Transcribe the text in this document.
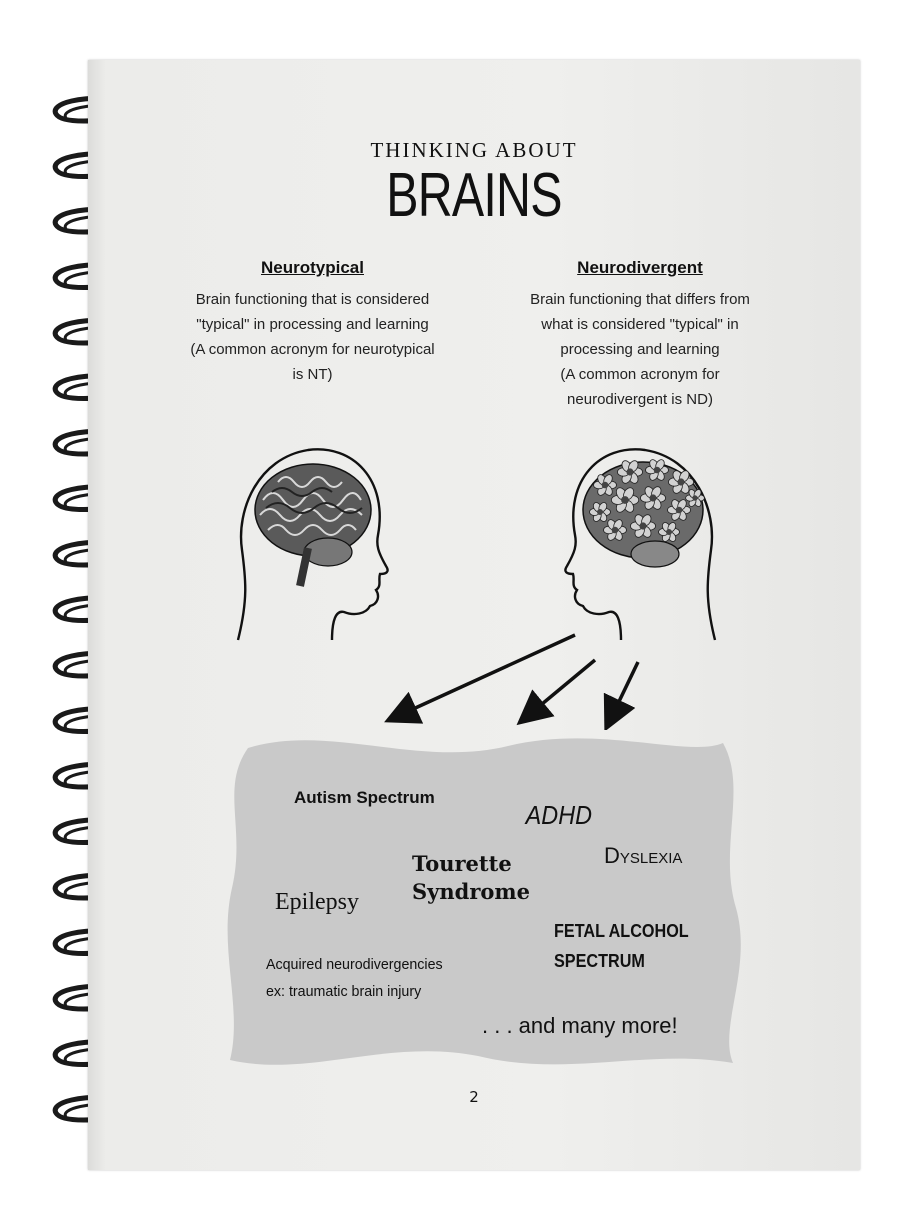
THINKING ABOUT
BRAINS
Neurotypical
Brain functioning that is considered
"typical" in processing and learning
(A common acronym for neurotypical
is NT)
Neurodivergent
Brain functioning that differs from
what is considered "typical" in
processing and learning
(A common acronym for
neurodivergent is ND)
Autism Spectrum
ADHD
Dyslexia
Tourette
Syndrome
Epilepsy
FETAL ALCOHOL
SPECTRUM
Acquired neurodivergencies
ex: traumatic brain injury
. . . and many more!
2
